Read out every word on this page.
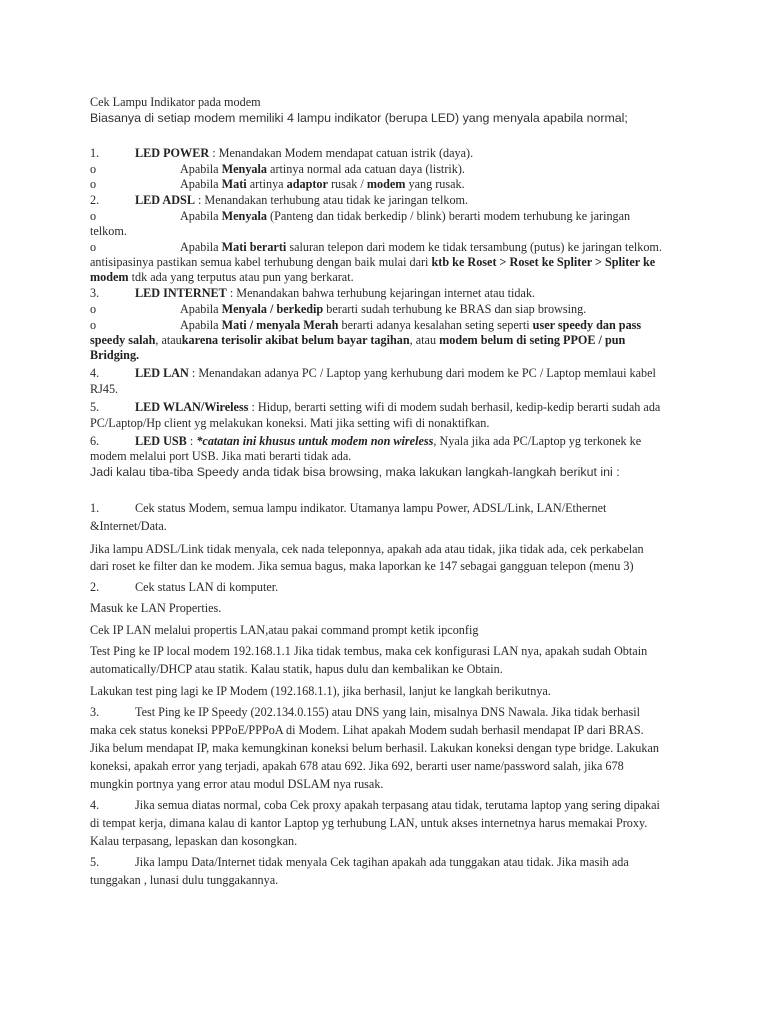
Cek Lampu Indikator pada modem
Biasanya di setiap modem memiliki 4 lampu indikator (berupa LED) yang menyala apabila normal;
1.	LED POWER : Menandakan Modem mendapat catuan istrik (daya).
o	Apabila Menyala artinya normal ada catuan daya (listrik).
o	Apabila Mati artinya adaptor rusak / modem yang rusak.
2.	LED ADSL : Menandakan terhubung atau tidak ke jaringan telkom.
o	Apabila Menyala (Panteng dan tidak berkedip / blink) berarti modem terhubung ke jaringan
telkom.
o	Apabila Mati berarti saluran telepon dari modem ke tidak tersambung (putus) ke jaringan telkom.
antisipasinya pastikan semua kabel terhubung dengan baik mulai dari ktb ke Roset > Roset ke Spliter > Spliter ke
modem tdk ada yang terputus atau pun yang berkarat.
3.	LED INTERNET : Menandakan bahwa terhubung kejaringan internet atau tidak.
o	Apabila Menyala / berkedip berarti sudah terhubung ke BRAS dan siap browsing.
o	Apabila Mati / menyala Merah berarti adanya kesalahan seting seperti user speedy dan pass
speedy salah, ataukarena terisolir akibat belum bayar tagihan, atau modem belum di seting PPOE / pun
Bridging.
4.	LED LAN : Menandakan adanya PC / Laptop yang kerhubung dari modem ke PC / Laptop memlaui kabel
RJ45.
5.	LED WLAN/Wireless : Hidup, berarti setting wifi di modem sudah berhasil, kedip-kedip berarti sudah ada
PC/Laptop/Hp client yg melakukan koneksi. Mati jika setting wifi di nonaktifkan.
6.	LED USB : *catatan ini khusus untuk modem non wireless, Nyala jika ada PC/Laptop yg terkonek ke
modem melalui port USB. Jika mati berarti tidak ada.
Jadi kalau tiba-tiba Speedy anda tidak bisa browsing, maka lakukan langkah-langkah berikut ini :
1.	Cek status Modem, semua lampu indikator. Utamanya lampu Power, ADSL/Link, LAN/Ethernet
&Internet/Data.
Jika lampu ADSL/Link tidak menyala, cek nada teleponnya, apakah ada atau tidak, jika tidak ada, cek perkabelan
dari roset ke filter dan ke modem. Jika semua bagus, maka laporkan ke 147 sebagai gangguan telepon (menu 3)
2.	Cek status LAN di komputer.
Masuk ke LAN Properties.
Cek IP LAN melalui propertis LAN,atau pakai command prompt ketik ipconfig
Test Ping ke IP local modem 192.168.1.1 Jika tidak tembus, maka cek konfigurasi LAN nya, apakah sudah Obtain
automatically/DHCP atau statik. Kalau statik, hapus dulu dan kembalikan ke Obtain.
Lakukan test ping lagi ke IP Modem (192.168.1.1), jika berhasil, lanjut ke langkah berikutnya.
3.	Test Ping ke IP Speedy (202.134.0.155) atau DNS yang lain, misalnya DNS Nawala. Jika tidak berhasil
maka cek status koneksi PPPoE/PPPoA di Modem. Lihat apakah Modem sudah berhasil mendapat IP dari BRAS.
Jika belum mendapat IP, maka kemungkinan koneksi belum berhasil. Lakukan koneksi dengan type bridge. Lakukan
koneksi, apakah error yang terjadi, apakah 678 atau 692. Jika 692, berarti user name/password salah, jika 678
mungkin portnya yang error atau modul DSLAM nya rusak.
4.	Jika semua diatas normal, coba Cek proxy apakah terpasang atau tidak, terutama laptop yang sering dipakai
di tempat kerja, dimana kalau di kantor Laptop yg terhubung LAN, untuk akses internetnya harus memakai Proxy.
Kalau terpasang, lepaskan dan kosongkan.
5.	Jika lampu Data/Internet tidak menyala Cek tagihan apakah ada tunggakan atau tidak. Jika masih ada
tunggakan , lunasi dulu tunggakannya.
